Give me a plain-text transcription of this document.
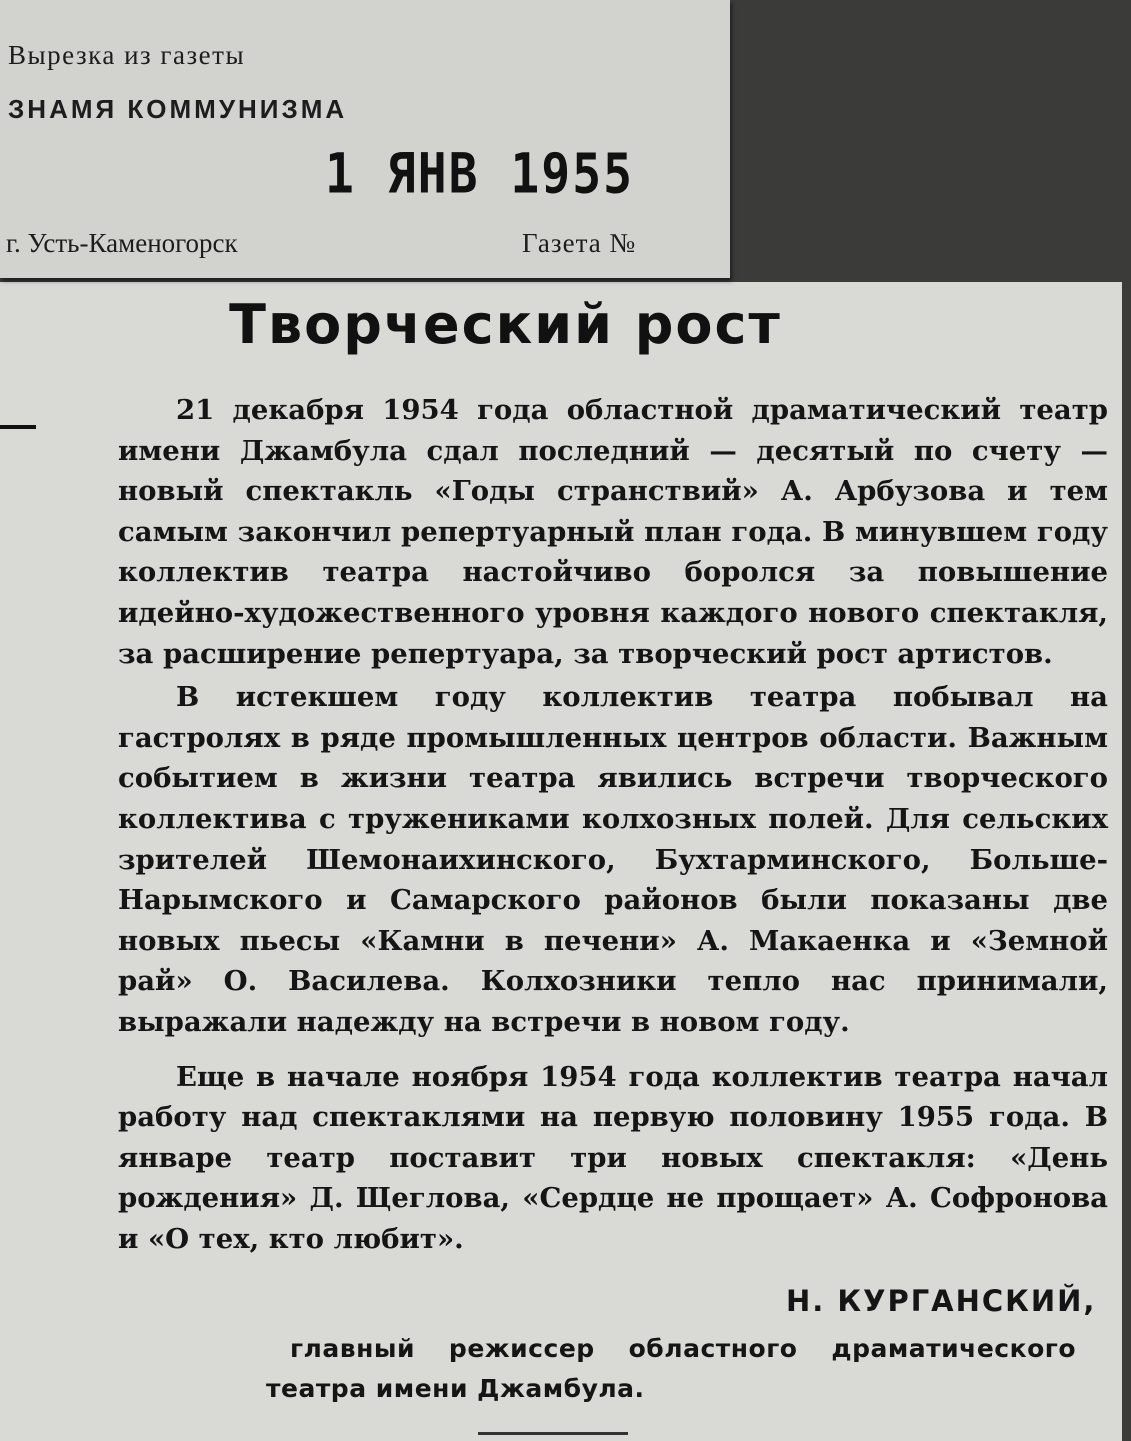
Вырезка из газеты
ЗНАМЯ КОММУНИЗМА
1 ЯНВ 1955
г. Усть-Каменогорск	Газета №
Творческий рост

21 декабря 1954 года областной драматический театр имени Джамбула сдал последний — десятый по счету — новый спектакль «Годы странствий» А. Арбузова и тем самым закончил репертуарный план года. В минувшем году коллектив театра настойчиво боролся за повышение идейно-художественного уровня каждого нового спектакля, за расширение репертуара, за творческий рост артистов.

В истекшем году коллектив театра побывал на гастролях в ряде промышленных центров области. Важным событием в жизни театра явились встречи творческого коллектива с тружениками колхозных полей. Для сельских зрителей Шемонаихинского, Бухтарминского, Больше-Нарымского и Самарского районов были показаны две новых пьесы «Камни в печени» А. Макаенка и «Земной рай» О. Василева. Колхозники тепло нас принимали, выражали надежду на встречи в новом году.

Еще в начале ноября 1954 года коллектив театра начал работу над спектаклями на первую половину 1955 года. В январе театр поставит три новых спектакля: «День рождения» Д. Щеглова, «Сердце не прощает» А. Софронова и «О тех, кто любит».

Н. КУРГАНСКИЙ,
главный режиссер областного драматического
театра имени Джамбула.
